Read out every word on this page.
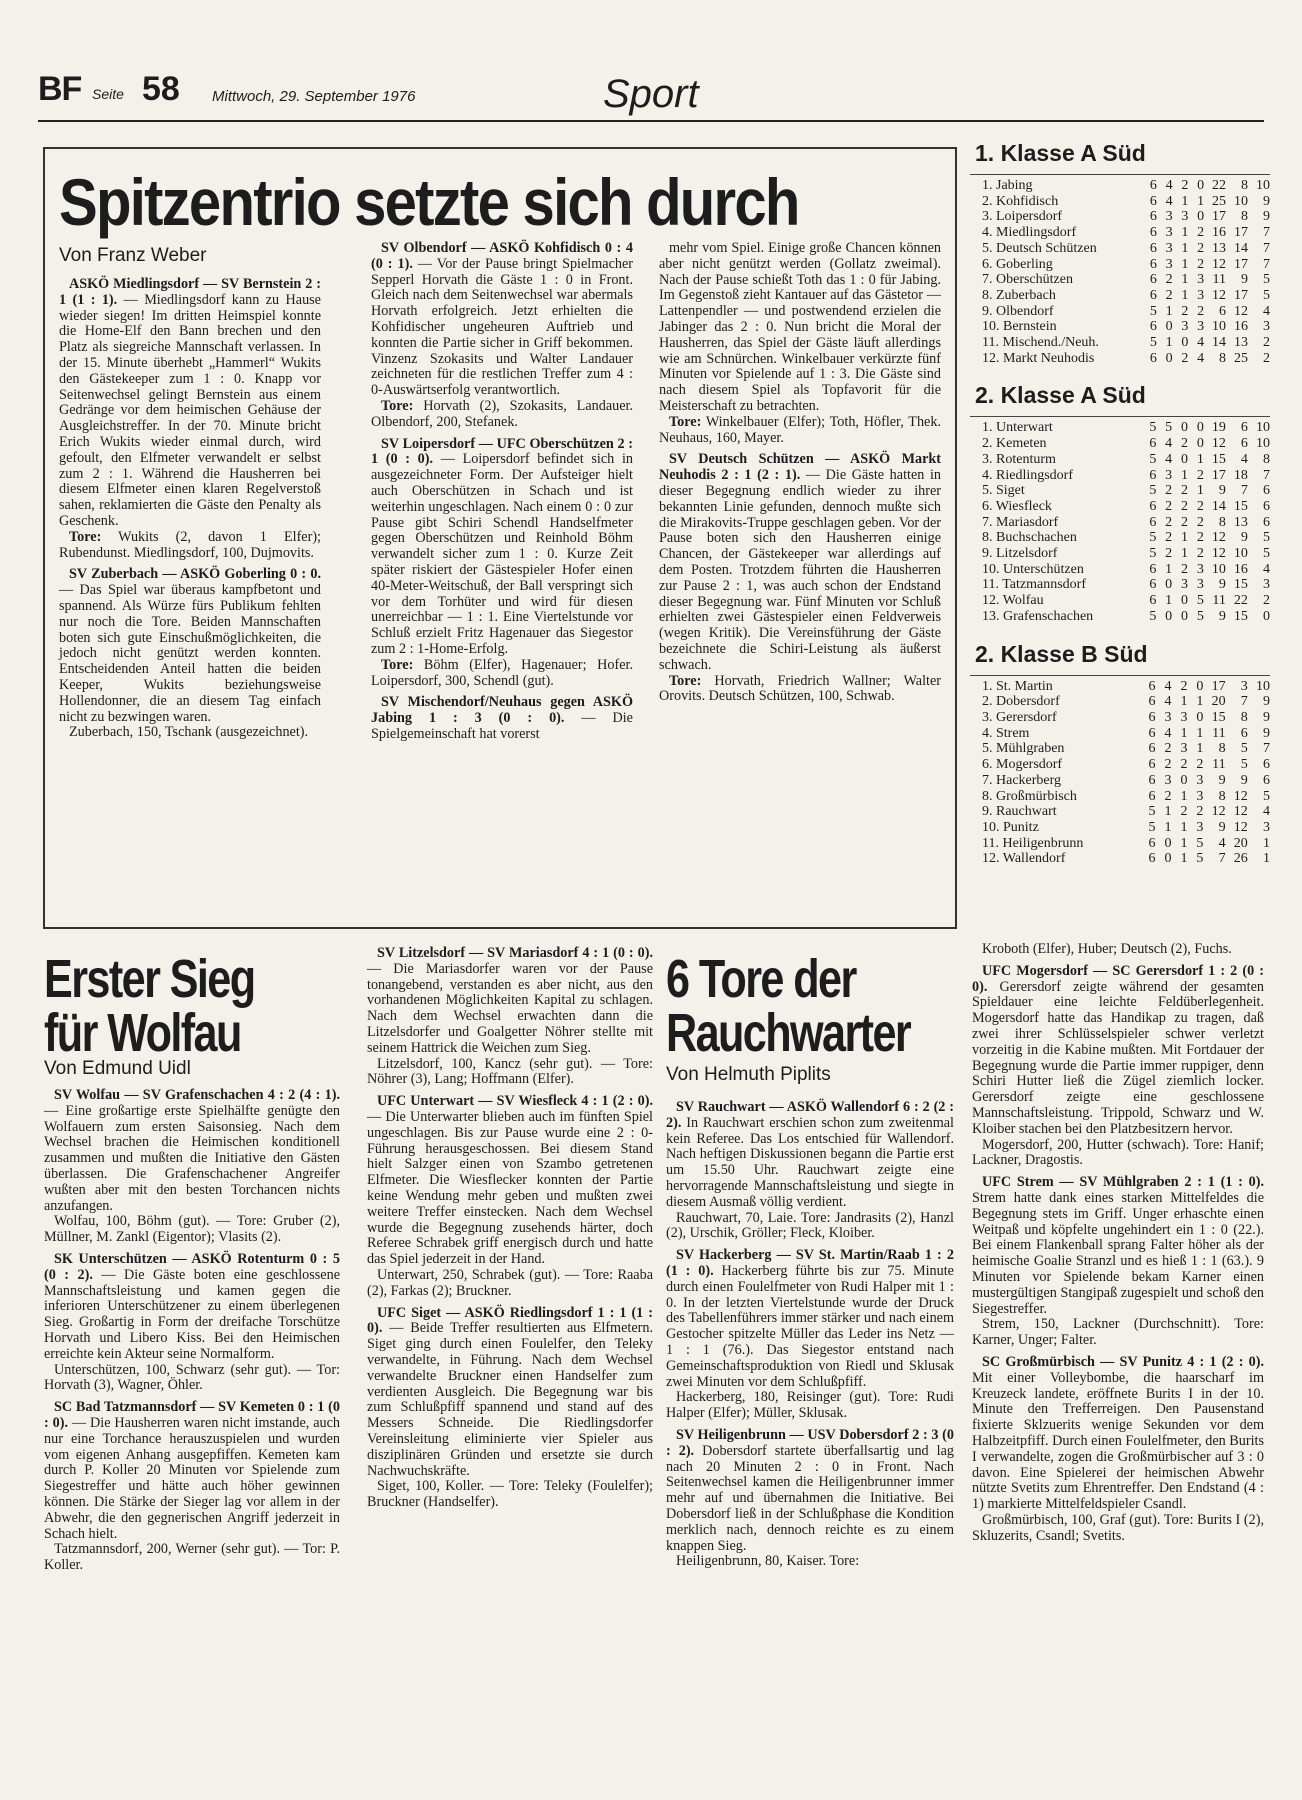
BF Seite 58 Mittwoch, 29. September 1976	Sport
Spitzentrio setzte sich durch
Von Franz Weber

ASKÖ Miedlingsdorf — SV Bernstein 2 : 1 (1 : 1). — Miedlingsdorf kann zu Hause wieder siegen! Im dritten Heimspiel konnte die Home-Elf den Bann brechen und den Platz als siegreiche Mannschaft verlassen. In der 15. Minute überhebt „Hammerl“ Wukits den Gästekeeper zum 1 : 0. Knapp vor Seitenwechsel gelingt Bernstein aus einem Gedränge vor dem heimischen Gehäuse der Ausgleichstreffer. In der 70. Minute bricht Erich Wukits wieder einmal durch, wird gefoult, den Elfmeter verwandelt er selbst zum 2 : 1. Während die Hausherren bei diesem Elfmeter einen klaren Regelverstoß sahen, reklamierten die Gäste den Penalty als Geschenk.

Tore: Wukits (2, davon 1 Elfer); Rubendunst. Miedlingsdorf, 100, Dujmovits.

SV Zuberbach — ASKÖ Goberling 0 : 0. — Das Spiel war überaus kampfbetont und spannend. Als Würze fürs Publikum fehlten nur noch die Tore. Beiden Mannschaften boten sich gute Einschußmöglichkeiten, die jedoch nicht genützt werden konnten. Entscheidenden Anteil hatten die beiden Keeper, Wukits beziehungsweise Hollendonner, die an diesem Tag einfach nicht zu bezwingen waren.

Zuberbach, 150, Tschank (ausgezeichnet).

SV Olbendorf — ASKÖ Kohfidisch 0 : 4 (0 : 1). — Vor der Pause bringt Spielmacher Sepperl Horvath die Gäste 1 : 0 in Front. Gleich nach dem Seitenwechsel war abermals Horvath erfolgreich. Jetzt erhielten die Kohfidischer ungeheuren Auftrieb und konnten die Partie sicher in Griff bekommen. Vinzenz Szokasits und Walter Landauer zeichneten für die restlichen Treffer zum 4 : 0-Auswärtserfolg verantwortlich.

Tore: Horvath (2), Szokasits, Landauer. Olbendorf, 200, Stefanek.

SV Loipersdorf — UFC Oberschützen 2 : 1 (0 : 0). — Loipersdorf befindet sich in ausgezeichneter Form. Der Aufsteiger hielt auch Oberschützen in Schach und ist weiterhin ungeschlagen. Nach einem 0 : 0 zur Pause gibt Schiri Schendl Handselfmeter gegen Oberschützen und Reinhold Böhm verwandelt sicher zum 1 : 0. Kurze Zeit später riskiert der Gästespieler Hofer einen 40-Meter-Weitschuß, der Ball verspringt sich vor dem Torhüter und wird für diesen unerreichbar — 1 : 1. Eine Viertelstunde vor Schluß erzielt Fritz Hagenauer das Siegestor zum 2 : 1-Home-Erfolg.

Tore: Böhm (Elfer), Hagenauer; Hofer. Loipersdorf, 300, Schendl (gut).

SV Mischendorf/Neuhaus gegen ASKÖ Jabing 1 : 3 (0 : 0). — Die Spielgemeinschaft hat vorerst

mehr vom Spiel. Einige große Chancen können aber nicht genützt werden (Gollatz zweimal). Nach der Pause schießt Toth das 1 : 0 für Jabing. Im Gegenstoß zieht Kantauer auf das Gästetor — Lattenpendler — und postwendend erzielen die Jabinger das 2 : 0. Nun bricht die Moral der Hausherren, das Spiel der Gäste läuft allerdings wie am Schnürchen. Winkelbauer verkürzte fünf Minuten vor Spielende auf 1 : 3. Die Gäste sind nach diesem Spiel als Topfavorit für die Meisterschaft zu betrachten.

Tore: Winkelbauer (Elfer); Toth, Höfler, Thek. Neuhaus, 160, Mayer.

SV Deutsch Schützen — ASKÖ Markt Neuhodis 2 : 1 (2 : 1). — Die Gäste hatten in dieser Begegnung endlich wieder zu ihrer bekannten Linie gefunden, dennoch mußte sich die Mirakovits-Truppe geschlagen geben. Vor der Pause boten sich den Hausherren einige Chancen, der Gästekeeper war allerdings auf dem Posten. Trotzdem führten die Hausherren zur Pause 2 : 1, was auch schon der Endstand dieser Begegnung war. Fünf Minuten vor Schluß erhielten zwei Gästespieler einen Feldverweis (wegen Kritik). Die Vereinsführung der Gäste bezeichnete die Schiri-Leistung als äußerst schwach.

Tore: Horvath, Friedrich Wallner; Walter Orovits. Deutsch Schützen, 100, Schwab.

1. Klasse A Süd
1. Jabing	6	4	2	0	22	8	10
2. Kohfidisch	6	4	1	1	25	10	9
3. Loipersdorf	6	3	3	0	17	8	9
4. Miedlingsdorf	6	3	1	2	16	17	7
5. Deutsch Schützen	6	3	1	2	13	14	7
6. Goberling	6	3	1	2	12	17	7
7. Oberschützen	6	2	1	3	11	9	5
8. Zuberbach	6	2	1	3	12	17	5
9. Olbendorf	5	1	2	2	6	12	4
10. Bernstein	6	0	3	3	10	16	3
11. Mischend./Neuh.	5	1	0	4	14	13	2
12. Markt Neuhodis	6	0	2	4	8	25	2
2. Klasse A Süd
1. Unterwart	5	5	0	0	19	6	10
2. Kemeten	6	4	2	0	12	6	10
3. Rotenturm	5	4	0	1	15	4	8
4. Riedlingsdorf	6	3	1	2	17	18	7
5. Siget	5	2	2	1	9	7	6
6. Wiesfleck	6	2	2	2	14	15	6
7. Mariasdorf	6	2	2	2	8	13	6
8. Buchschachen	5	2	1	2	12	9	5
9. Litzelsdorf	5	2	1	2	12	10	5
10. Unterschützen	6	1	2	3	10	16	4
11. Tatzmannsdorf	6	0	3	3	9	15	3
12. Wolfau	6	1	0	5	11	22	2
13. Grafenschachen	5	0	0	5	9	15	0
2. Klasse B Süd
1. St. Martin	6	4	2	0	17	3	10
2. Dobersdorf	6	4	1	1	20	7	9
3. Gerersdorf	6	3	3	0	15	8	9
4. Strem	6	4	1	1	11	6	9
5. Mühlgraben	6	2	3	1	8	5	7
6. Mogersdorf	6	2	2	2	11	5	6
7. Hackerberg	6	3	0	3	9	9	6
8. Großmürbisch	6	2	1	3	8	12	5
9. Rauchwart	5	1	2	2	12	12	4
10. Punitz	5	1	1	3	9	12	3
11. Heiligenbrunn	6	0	1	5	4	20	1
12. Wallendorf	6	0	1	5	7	26	1
Erster Sieg
für Wolfau
Von Edmund Uidl

SV Wolfau — SV Grafenschachen 4 : 2 (4 : 1). — Eine großartige erste Spielhälfte genügte den Wolfauern zum ersten Saisonsieg. Nach dem Wechsel brachen die Heimischen konditionell zusammen und mußten die Initiative den Gästen überlassen. Die Grafenschachener Angreifer wußten aber mit den besten Torchancen nichts anzufangen.

Wolfau, 100, Böhm (gut). — Tore: Gruber (2), Müllner, M. Zankl (Eigentor); Vlasits (2).

SK Unterschützen — ASKÖ Rotenturm 0 : 5 (0 : 2). — Die Gäste boten eine geschlossene Mannschaftsleistung und kamen gegen die inferioren Unterschützener zu einem überlegenen Sieg. Großartig in Form der dreifache Torschütze Horvath und Libero Kiss. Bei den Heimischen erreichte kein Akteur seine Normalform.

Unterschützen, 100, Schwarz (sehr gut). — Tor: Horvath (3), Wagner, Öhler.

SC Bad Tatzmannsdorf — SV Kemeten 0 : 1 (0 : 0). — Die Hausherren waren nicht imstande, auch nur eine Torchance herauszuspielen und wurden vom eigenen Anhang ausgepfiffen. Kemeten kam durch P. Koller 20 Minuten vor Spielende zum Siegestreffer und hätte auch höher gewinnen können. Die Stärke der Sieger lag vor allem in der Abwehr, die den gegnerischen Angriff jederzeit in Schach hielt.

Tatzmannsdorf, 200, Werner (sehr gut). — Tor: P. Koller.

SV Litzelsdorf — SV Mariasdorf 4 : 1 (0 : 0). — Die Mariasdorfer waren vor der Pause tonangebend, verstanden es aber nicht, aus den vorhandenen Möglichkeiten Kapital zu schlagen. Nach dem Wechsel erwachten dann die Litzelsdorfer und Goalgetter Nöhrer stellte mit seinem Hattrick die Weichen zum Sieg.

Litzelsdorf, 100, Kancz (sehr gut). — Tore: Nöhrer (3), Lang; Hoffmann (Elfer).

UFC Unterwart — SV Wiesfleck 4 : 1 (2 : 0). — Die Unterwarter blieben auch im fünften Spiel ungeschlagen. Bis zur Pause wurde eine 2 : 0-Führung herausgeschossen. Bei diesem Stand hielt Salzger einen von Szambo getretenen Elfmeter. Die Wiesflecker konnten der Partie keine Wendung mehr geben und mußten zwei weitere Treffer einstecken. Nach dem Wechsel wurde die Begegnung zusehends härter, doch Referee Schrabek griff energisch durch und hatte das Spiel jederzeit in der Hand.

Unterwart, 250, Schrabek (gut). — Tore: Raaba (2), Farkas (2); Bruckner.

UFC Siget — ASKÖ Riedlingsdorf 1 : 1 (1 : 0). — Beide Treffer resultierten aus Elfmetern. Siget ging durch einen Foulelfer, den Teleky verwandelte, in Führung. Nach dem Wechsel verwandelte Bruckner einen Handselfer zum verdienten Ausgleich. Die Begegnung war bis zum Schlußpfiff spannend und stand auf des Messers Schneide. Die Riedlingsdorfer Vereinsleitung eliminierte vier Spieler aus disziplinären Gründen und ersetzte sie durch Nachwuchskräfte.

Siget, 100, Koller. — Tore: Teleky (Foulelfer); Bruckner (Handselfer).

6 Tore der
Rauchwarter
Von Helmuth Piplits

SV Rauchwart — ASKÖ Wallendorf 6 : 2 (2 : 2). In Rauchwart erschien schon zum zweitenmal kein Referee. Das Los entschied für Wallendorf. Nach heftigen Diskussionen begann die Partie erst um 15.50 Uhr. Rauchwart zeigte eine hervorragende Mannschaftsleistung und siegte in diesem Ausmaß völlig verdient.

Rauchwart, 70, Laie. Tore: Jandrasits (2), Hanzl (2), Urschik, Gröller; Fleck, Kloiber.

SV Hackerberg — SV St. Martin/Raab 1 : 2 (1 : 0). Hackerberg führte bis zur 75. Minute durch einen Foulelfmeter von Rudi Halper mit 1 : 0. In der letzten Viertelstunde wurde der Druck des Tabellenführers immer stärker und nach einem Gestocher spitzelte Müller das Leder ins Netz — 1 : 1 (76.). Das Siegestor entstand nach Gemeinschaftsproduktion von Riedl und Sklusak zwei Minuten vor dem Schlußpfiff.

Hackerberg, 180, Reisinger (gut). Tore: Rudi Halper (Elfer); Müller, Sklusak.

SV Heiligenbrunn — USV Dobersdorf 2 : 3 (0 : 2). Dobersdorf startete überfallsartig und lag nach 20 Minuten 2 : 0 in Front. Nach Seitenwechsel kamen die Heiligenbrunner immer mehr auf und übernahmen die Initiative. Bei Dobersdorf ließ in der Schlußphase die Kondition merklich nach, dennoch reichte es zu einem knappen Sieg.

Heiligenbrunn, 80, Kaiser. Tore:

Kroboth (Elfer), Huber; Deutsch (2), Fuchs.

UFC Mogersdorf — SC Gerersdorf 1 : 2 (0 : 0). Gerersdorf zeigte während der gesamten Spieldauer eine leichte Feldüberlegenheit. Mogersdorf hatte das Handikap zu tragen, daß zwei ihrer Schlüsselspieler schwer verletzt vorzeitig in die Kabine mußten. Mit Fortdauer der Begegnung wurde die Partie immer ruppiger, denn Schiri Hutter ließ die Zügel ziemlich locker. Gerersdorf zeigte eine geschlossene Mannschaftsleistung. Trippold, Schwarz und W. Kloiber stachen bei den Platzbesitzern hervor.

Mogersdorf, 200, Hutter (schwach). Tore: Hanif; Lackner, Dragostis.

UFC Strem — SV Mühlgraben 2 : 1 (1 : 0). Strem hatte dank eines starken Mittelfeldes die Begegnung stets im Griff. Unger erhaschte einen Weitpaß und köpfelte ungehindert ein 1 : 0 (22.). Bei einem Flankenball sprang Falter höher als der heimische Goalie Stranzl und es hieß 1 : 1 (63.). 9 Minuten vor Spielende bekam Karner einen mustergültigen Stangipaß zugespielt und schoß den Siegestreffer.

Strem, 150, Lackner (Durchschnitt). Tore: Karner, Unger; Falter.

SC Großmürbisch — SV Punitz 4 : 1 (2 : 0). Mit einer Volleybombe, die haarscharf im Kreuzeck landete, eröffnete Burits I in der 10. Minute den Trefferreigen. Den Pausenstand fixierte Sklzuerits wenige Sekunden vor dem Halbzeitpfiff. Durch einen Foulelfmeter, den Burits I verwandelte, zogen die Großmürbischer auf 3 : 0 davon. Eine Spielerei der heimischen Abwehr nützte Svetits zum Ehrentreffer. Den Endstand (4 : 1) markierte Mittelfeldspieler Csandl.

Großmürbisch, 100, Graf (gut). Tore: Burits I (2), Skluzerits, Csandl; Svetits.
